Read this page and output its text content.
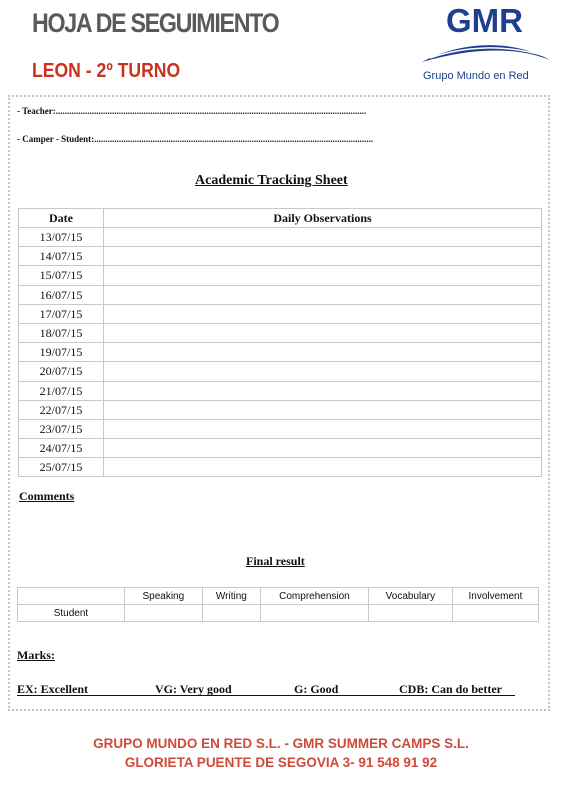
HOJA DE SEGUIMIENTO
LEON - 2º TURNO
GMR
Grupo Mundo en Red
- Teacher:..........................................................................................................................................
- Camper - Student:............................................................................................................................
Academic Tracking Sheet
Date	Daily Observations
13/07/15	
14/07/15	
15/07/15	
16/07/15	
17/07/15	
18/07/15	
19/07/15	
20/07/15	
21/07/15	
22/07/15	
23/07/15	
24/07/15	
25/07/15	
Comments
Final result
	Speaking	Writing	Comprehension	Vocabulary	Involvement
Student					
Marks:
EX: Excellent	VG: Very good	G: Good	CDB: Can do better
GRUPO MUNDO EN RED S.L. - GMR SUMMER CAMPS S.L.
GLORIETA PUENTE DE SEGOVIA 3- 91 548 91 92
